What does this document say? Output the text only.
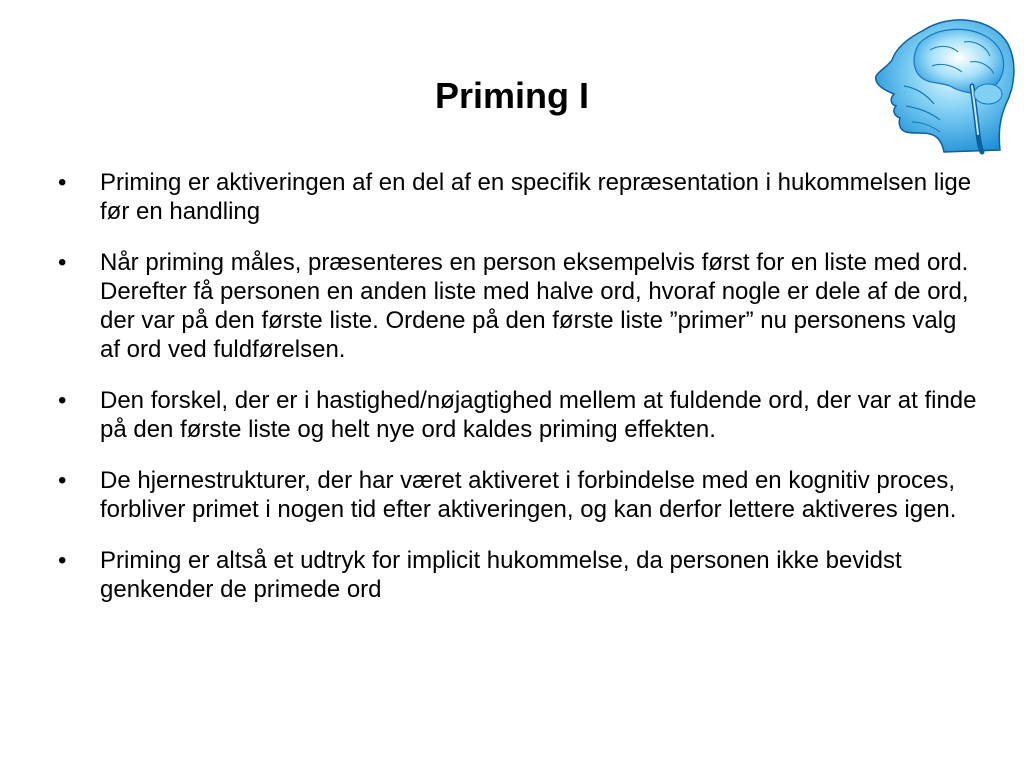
Priming I
•	Priming er aktiveringen af en del af en specifik repræsentation i hukommelsen lige før en handling
•	Når priming måles, præsenteres en person eksempelvis først for en liste med ord. Derefter få personen en anden liste med halve ord, hvoraf nogle er dele af de ord, der var på den første liste. Ordene på den første liste ”primer” nu personens valg af ord ved fuldførelsen.
•	Den forskel, der er i hastighed/nøjagtighed mellem at fuldende ord, der var at finde på den første liste og helt nye ord kaldes priming effekten.
•	De hjernestrukturer, der har været aktiveret i forbindelse med en kognitiv proces, forbliver primet i nogen tid efter aktiveringen, og kan derfor lettere aktiveres igen.
•	Priming er altså et udtryk for implicit hukommelse, da personen ikke bevidst genkender de primede ord
